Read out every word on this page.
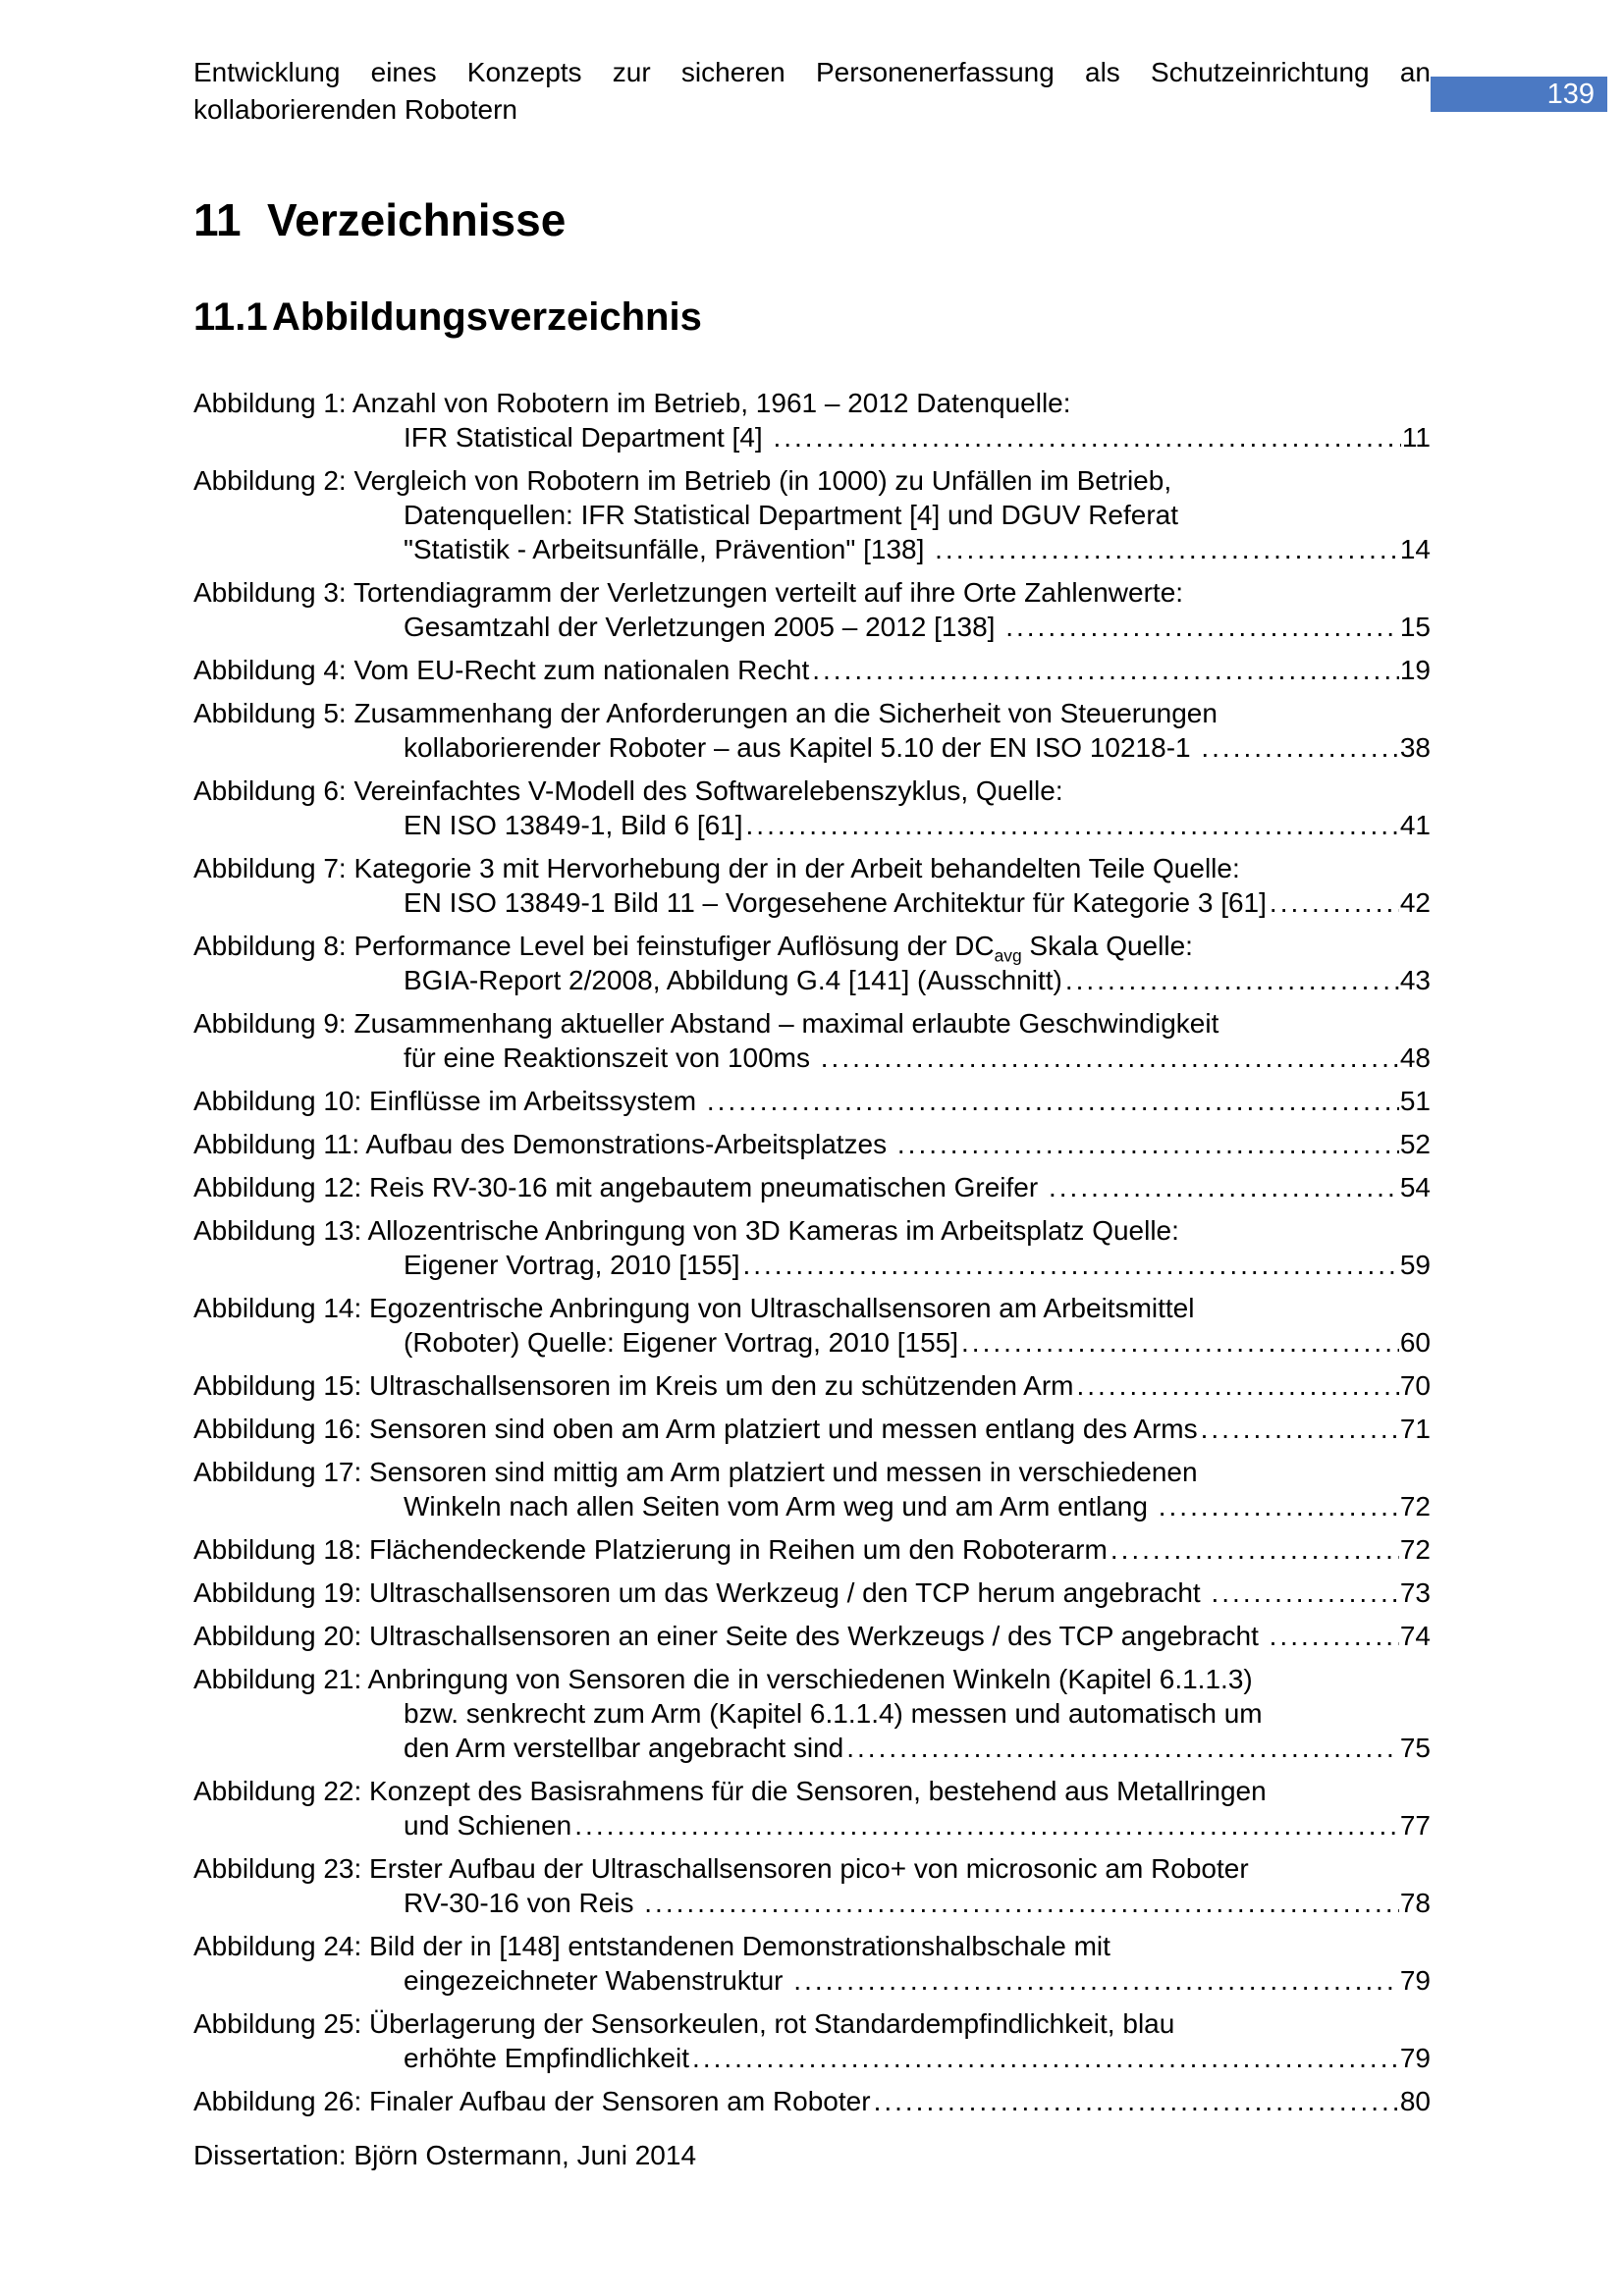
Entwicklung eines Konzepts zur sicheren Personenerfassung als Schutzeinrichtung an
kollaborierenden Robotern	139
11 Verzeichnisse
11.1 Abbildungsverzeichnis
Abbildung 1: Anzahl von Robotern im Betrieb, 1961 – 2012 Datenquelle:
IFR Statistical Department [4] .....	11
Abbildung 2: Vergleich von Robotern im Betrieb (in 1000) zu Unfällen im Betrieb,
Datenquellen: IFR Statistical Department [4] und DGUV Referat
"Statistik - Arbeitsunfälle, Prävention" [138] .....	14
Abbildung 3: Tortendiagramm der Verletzungen verteilt auf ihre Orte Zahlenwerte:
Gesamtzahl der Verletzungen 2005 – 2012 [138] .....	15
Abbildung 4: Vom EU-Recht zum nationalen Recht .....	19
Abbildung 5: Zusammenhang der Anforderungen an die Sicherheit von Steuerungen
kollaborierender Roboter – aus Kapitel 5.10 der EN ISO 10218-1 .....	38
Abbildung 6: Vereinfachtes V-Modell des Softwarelebenszyklus, Quelle:
EN ISO 13849-1, Bild 6 [61] .....	41
Abbildung 7: Kategorie 3 mit Hervorhebung der in der Arbeit behandelten Teile Quelle:
EN ISO 13849-1 Bild 11 – Vorgesehene Architektur für Kategorie 3 [61] .....	42
Abbildung 8: Performance Level bei feinstufiger Auflösung der $DC_{avg}$ Skala Quelle:
BGIA-Report 2/2008, Abbildung G.4 [141] (Ausschnitt) .....	43
Abbildung 9: Zusammenhang aktueller Abstand – maximal erlaubte Geschwindigkeit
für eine Reaktionszeit von 100ms .....	48
Abbildung 10: Einflüsse im Arbeitssystem .....	51
Abbildung 11: Aufbau des Demonstrations-Arbeitsplatzes .....	52
Abbildung 12: Reis RV-30-16 mit angebautem pneumatischen Greifer .....	54
Abbildung 13: Allozentrische Anbringung von 3D Kameras im Arbeitsplatz Quelle:
Eigener Vortrag, 2010 [155] .....	59
Abbildung 14: Egozentrische Anbringung von Ultraschallsensoren am Arbeitsmittel
(Roboter) Quelle: Eigener Vortrag, 2010 [155] .....	60
Abbildung 15: Ultraschallsensoren im Kreis um den zu schützenden Arm .....	70
Abbildung 16: Sensoren sind oben am Arm platziert und messen entlang des Arms .....	71
Abbildung 17: Sensoren sind mittig am Arm platziert und messen in verschiedenen
Winkeln nach allen Seiten vom Arm weg und am Arm entlang .....	72
Abbildung 18: Flächendeckende Platzierung in Reihen um den Roboterarm .....	72
Abbildung 19: Ultraschallsensoren um das Werkzeug / den TCP herum angebracht .....	73
Abbildung 20: Ultraschallsensoren an einer Seite des Werkzeugs / des TCP angebracht .....	74
Abbildung 21: Anbringung von Sensoren die in verschiedenen Winkeln (Kapitel 6.1.1.3)
bzw. senkrecht zum Arm (Kapitel 6.1.1.4) messen und automatisch um
den Arm verstellbar angebracht sind .....	75
Abbildung 22: Konzept des Basisrahmens für die Sensoren, bestehend aus Metallringen
und Schienen .....	77
Abbildung 23: Erster Aufbau der Ultraschallsensoren pico+ von microsonic am Roboter
RV-30-16 von Reis .....	78
Abbildung 24: Bild der in [148] entstandenen Demonstrationshalbschale mit
eingezeichneter Wabenstruktur .....	79
Abbildung 25: Überlagerung der Sensorkeulen, rot Standardempfindlichkeit, blau
erhöhte Empfindlichkeit .....	79
Abbildung 26: Finaler Aufbau der Sensoren am Roboter .....	80
Dissertation: Björn Ostermann, Juni 2014
